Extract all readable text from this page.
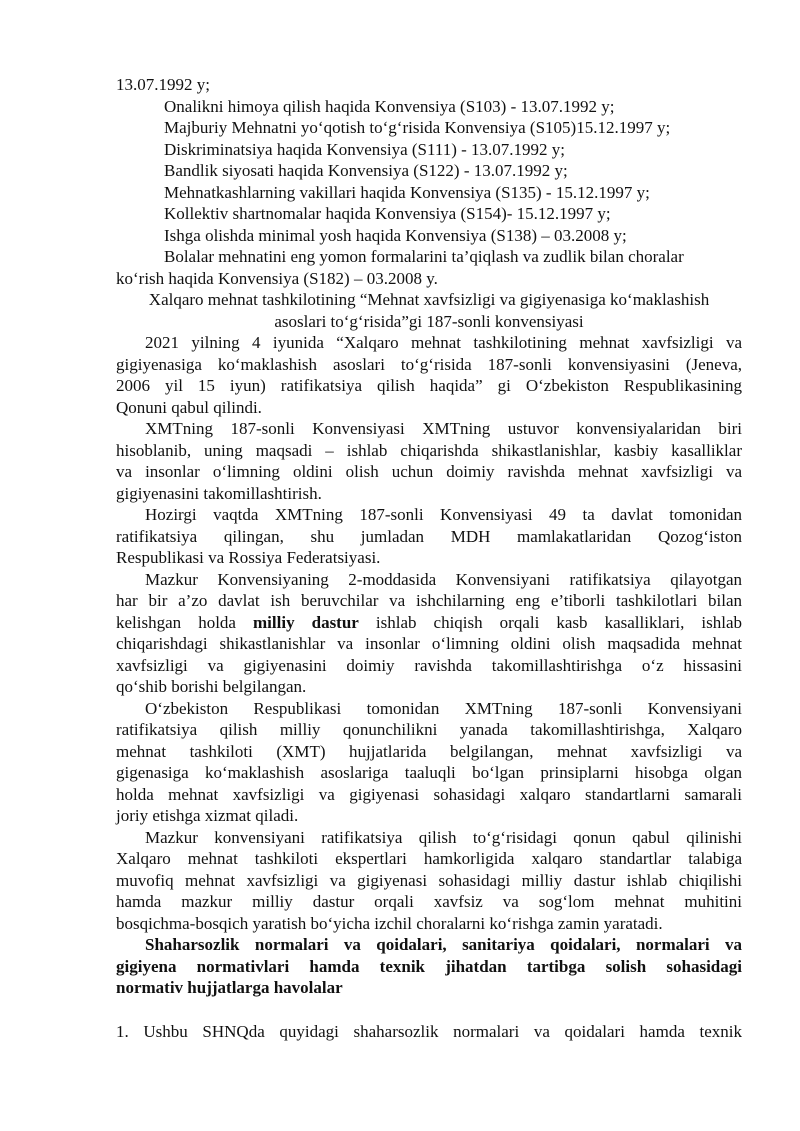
13.07.1992 y;
Onalikni himoya qilish haqida Konvensiya (S103) - 13.07.1992 y;
Majburiy Mehnatni yo‘qotish to‘g‘risida Konvensiya (S105)15.12.1997 y;
Diskriminatsiya haqida Konvensiya (S111) - 13.07.1992 y;
Bandlik siyosati haqida Konvensiya (S122) - 13.07.1992 y;
Mehnatkashlarning vakillari haqida Konvensiya (S135) - 15.12.1997 y;
Kollektiv shartnomalar haqida Konvensiya (S154)- 15.12.1997 y;
Ishga olishda minimal yosh haqida Konvensiya (S138) – 03.2008 y;
Bolalar mehnatini eng yomon formalarini ta’qiqlash va zudlik bilan choralar
ko‘rish haqida Konvensiya (S182) – 03.2008 y.
Xalqaro mehnat tashkilotining “Mehnat xavfsizligi va gigiyenasiga ko‘maklashish
asoslari to‘g‘risida”gi 187-sonli konvensiyasi
2021 yilning 4 iyunida “Xalqaro mehnat tashkilotining mehnat xavfsizligi va
gigiyenasiga ko‘maklashish asoslari to‘g‘risida 187-sonli konvensiyasini (Jeneva,
2006 yil 15 iyun) ratifikatsiya qilish haqida” gi O‘zbekiston Respublikasining
Qonuni qabul qilindi.
XMTning 187-sonli Konvensiyasi XMTning ustuvor konvensiyalaridan biri
hisoblanib, uning maqsadi – ishlab chiqarishda shikastlanishlar, kasbiy kasalliklar
va insonlar o‘limning oldini olish uchun doimiy ravishda mehnat xavfsizligi va
gigiyenasini takomillashtirish.
Hozirgi vaqtda XMTning 187-sonli Konvensiyasi 49 ta davlat tomonidan
ratifikatsiya qilingan, shu jumladan MDH mamlakatlaridan Qozog‘iston
Respublikasi va Rossiya Federatsiyasi.
Mazkur Konvensiyaning 2-moddasida Konvensiyani ratifikatsiya qilayotgan
har bir a’zo davlat ish beruvchilar va ishchilarning eng e’tiborli tashkilotlari bilan
kelishgan holda milliy dastur ishlab chiqish orqali kasb kasalliklari, ishlab
chiqarishdagi shikastlanishlar va insonlar o‘limning oldini olish maqsadida mehnat
xavfsizligi va gigiyenasini doimiy ravishda takomillashtirishga o‘z hissasini
qo‘shib borishi belgilangan.
O‘zbekiston Respublikasi tomonidan XMTning 187-sonli Konvensiyani
ratifikatsiya qilish milliy qonunchilikni yanada takomillashtirishga, Xalqaro
mehnat tashkiloti (XMT) hujjatlarida belgilangan, mehnat xavfsizligi va
gigenasiga ko‘maklashish asoslariga taaluqli bo‘lgan prinsiplarni hisobga olgan
holda mehnat xavfsizligi va gigiyenasi sohasidagi xalqaro standartlarni samarali
joriy etishga xizmat qiladi.
Mazkur konvensiyani ratifikatsiya qilish to‘g‘risidagi qonun qabul qilinishi
Xalqaro mehnat tashkiloti ekspertlari hamkorligida xalqaro standartlar talabiga
muvofiq mehnat xavfsizligi va gigiyenasi sohasidagi milliy dastur ishlab chiqilishi
hamda mazkur milliy dastur orqali xavfsiz va sog‘lom mehnat muhitini
bosqichma-bosqich yaratish bo‘yicha izchil choralarni ko‘rishga zamin yaratadi.
Shaharsozlik normalari va qoidalari, sanitariya qoidalari, normalari va
gigiyena normativlari hamda texnik jihatdan tartibga solish sohasidagi
normativ hujjatlarga havolalar
1. Ushbu SHNQda quyidagi shaharsozlik normalari va qoidalari hamda texnik
